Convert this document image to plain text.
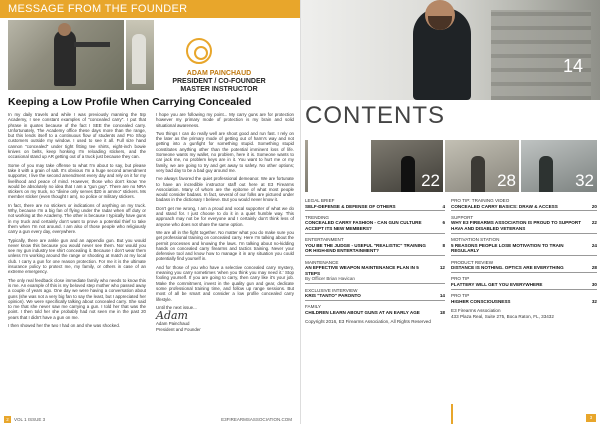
MESSAGE FROM THE FOUNDER
ADAM PAINCHAUD
PRESIDENT / CO-FOUNDER
MASTER INSTRUCTOR
Keeping a Low Profile When Carrying Concealed

In my daily travels and while I was previously manning the 5Ip Academy, I see constant examples of "concealed carry". I put that phrase in quotes because of the fact I SEE the concealed carry. Unfortunately, The Academy office these days more than the range, but this lends itself to a continuous flow of students and Pro Shop customers outside my window. I used to see it all. Full size hand cannon "concealed" under tight fitting tee shirts, eight-inch bowie knives on belts, keep honking I'm reloading stickers, and the occasional stand up AR getting out of a truck just because they can.

Some of you may take offense to what I'm about to say, but please take it with a grain of salt. It's obvious I'm a huge second amendment supporter, I live the second amendment every day and rely on it for my livelihood and peace of mind. However, those who don't know 'me would be absolutely no idea that I am a "gun guy". There are no NRA stickers on my truck, no "divine only serves $20 in ammo" stickers. Ms member sticker (even thought I am), no police or military stickers.

In fact, there are no stickers or indications of anything on my truck. Why, because I'm a big fan of flying under the radar when off duty or not working at the Academy. The other is because I typically have guns in my truck and certainly don't want to prove a potential thief to take them when I'm not around. I am also of those people who religiously carry a gun every day, everywhere.

Typically, there are ankle gun and an appendix gun. But you would never know this because you would never see them. Nor would you see my gun industry tee shirt concealing it. Because I don't wear them unless I'm working around the range or shooting at match at my local club. I carry a gun for one reason protection. For me it is the ultimate insurance policy to protect me, my family, or others in case of an extreme emergency.

The only real feedback close immediate family who needs to know this is me. An example of this is my beloved step mother who passed away a couple of years ago. One day we were having a conversation about guns (she was not a very big fan to say the least, but I appreciated her opinion). We were specifically talking about concealed carry. She said to me that she never saw me carrying a gun. I told her that was the point. I then told her she probably had not seen me in the past 20 years that I didn't have a gun on me.

I then showed her the two I had on and she was shocked.

I hope you are following my point... My carry guns are for protection however my primary mode of protection is my brain and solid situational awareness.

Two things I can do really well are shoot good and run fast. I rely on the later as the primary mode of getting out of harm's way and not getting into a gunfight for something stupid. Something stupid constitutes anything other than the potential imminent loss of life. Someone wants my wallet, no problem, here it is. Someone wants to car jack me, no problem keys are in it. You want to hurt me or my family, we are going to try and get away to safety. No other options; very bad day to be a bad guy around me.

I've always favored the quiet professional demeanor. We are fortunate to have an incredible instructor staff out here at E3 Firearms Association. Many of whom are the epitome of what most people would consider badass. In fact, several of our folks are pictured under badass in the dictionary I believe. But you would never know it.

Don't get me wrong, I am a proud and vocal supporter of what we do and stand for. I just choose to do it in a quiet humble way. This approach may not be for everyone and I certainly don't think less of anyone who does not share the same option.

We are all in the fight together. No matter what you do make sure you get professional training on concealed carry. Here I'm talking about the permit processes and knowing the laws. I'm talking about no-kidding hands on concealed carry firearms and tactics training. Never your defensive tool and know how to manage it in any situation you could potentially find yourself in.

And for those of you who have a selective concealed carry mystery, meaning you carry sometimes 'when you think you may need it.' Stop fooling yourself. If you are going to carry, then carry like it's your job. Make the commitment, invest in the quality gun and gear, dedicate some professional training time, and follow up range sessions. But most of all be smart and consider a low profile concealed carry lifestyle.

Until the next issue...

Adam
Adam Painchaud
President and Founder
2	VOL 1 ISSUE 3	E3FIREARMSASSOCIATION.COM
14
CONTENTS
08
22	28	32
LEGAL BRIEF
SELF-DEFENSE & DEFENSE OF OTHERS	4
TRENDING
CONCEALED CARRY FASHION - CAN GUN CULTURE ACCEPT ITS NEW MEMBERS?
6
ENTERTAINMENT
YOU BE THE JUDGE - USEFUL "REALISTIC" TRAINING OR HIGH-END ENTERTAINMENT?
8
MAINTENANCE
AN EFFECTIVE WEAPON MAINTENANCE PLAN IN 5 STEPS
By Officer Brian Havican
12
EXCLUSIVE INTERVIEW
KRIS "TANTO" PARONTO	14
FAMILY
CHILDREN LEARN ABOUT GUNS AT AN EARLY AGE	18
Copyright 2016, E3 Firearms Association, All Rights Reserved
PRO TIP: TRAINING VIDEO
CONCEALED CARRY BASICS: DRAW & ACCESS	20
SUPPORT
WHY E3 FIREARMS ASSOCIATION IS PROUD TO SUPPORT HAVA AND DISABLED VETERANS
22
MOTIVATION STATION
5 REASONS PEOPLE LOSE MOTIVATION TO TRAIN REGULARLY
24
PRODUCT REVIEW
DISTANCE IS NOTHING. OPTICS ARE EVERYTHING	28
PRO TIP
FLATTERY WILL GET YOU EVERYWHERE	30
PRO TIP
HIGHER CONSCIOUSNESS	32
E3 Firearms Association
433 Plaza Real, Suite 275, Boca Raton, FL, 33432
3
